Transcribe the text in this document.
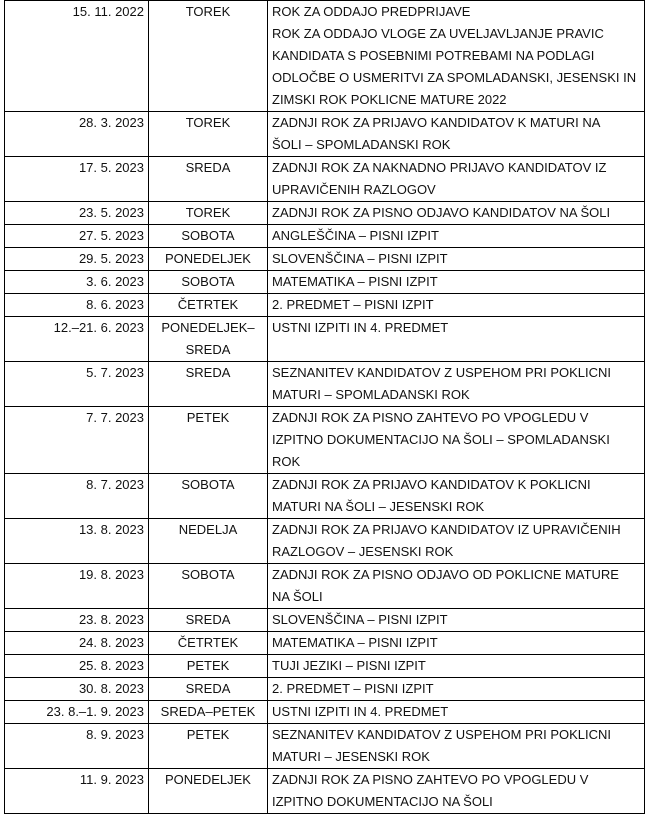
15. 11. 2022	TOREK	ROK ZA ODDAJO PREDPRIJAVE
ROK ZA ODDAJO VLOGE ZA UVELJAVLJANJE PRAVIC
KANDIDATA S POSEBNIMI POTREBAMI NA PODLAGI
ODLOČBE O USMERITVI ZA SPOMLADANSKI, JESENSKI IN
ZIMSKI ROK POKLICNE MATURE 2022

28. 3. 2023	TOREK	ZADNJI ROK ZA PRIJAVO KANDIDATOV K MATURI NA
ŠOLI – SPOMLADANSKI ROK

17. 5. 2023	SREDA	ZADNJI ROK ZA NAKNADNO PRIJAVO KANDIDATOV IZ
UPRAVIČENIH RAZLOGOV

23. 5. 2023	TOREK	ZADNJI ROK ZA PISNO ODJAVO KANDIDATOV NA ŠOLI

27. 5. 2023	SOBOTA	ANGLEŠČINA – PISNI IZPIT

29. 5. 2023	PONEDELJEK	SLOVENŠČINA – PISNI IZPIT

3. 6. 2023	SOBOTA	MATEMATIKA – PISNI IZPIT

8. 6. 2023	ČETRTEK	2. PREDMET – PISNI IZPIT

12.–21. 6. 2023	PONEDELJEK–
SREDA	USTNI IZPITI IN 4. PREDMET

5. 7. 2023	SREDA	SEZNANITEV KANDIDATOV Z USPEHOM PRI POKLICNI
MATURI – SPOMLADANSKI ROK

7. 7. 2023	PETEK	ZADNJI ROK ZA PISNO ZAHTEVO PO VPOGLEDU V
IZPITNO DOKUMENTACIJO NA ŠOLI – SPOMLADANSKI
ROK

8. 7. 2023	SOBOTA	ZADNJI ROK ZA PRIJAVO KANDIDATOV K POKLICNI
MATURI NA ŠOLI – JESENSKI ROK

13. 8. 2023	NEDELJA	ZADNJI ROK ZA PRIJAVO KANDIDATOV IZ UPRAVIČENIH
RAZLOGOV – JESENSKI ROK

19. 8. 2023	SOBOTA	ZADNJI ROK ZA PISNO ODJAVO OD POKLICNE MATURE
NA ŠOLI

23. 8. 2023	SREDA	SLOVENŠČINA – PISNI IZPIT

24. 8. 2023	ČETRTEK	MATEMATIKA – PISNI IZPIT

25. 8. 2023	PETEK	TUJI JEZIKI – PISNI IZPIT

30. 8. 2023	SREDA	2. PREDMET – PISNI IZPIT

23. 8.–1. 9. 2023	SREDA–PETEK	USTNI IZPITI IN 4. PREDMET

8. 9. 2023	PETEK	SEZNANITEV KANDIDATOV Z USPEHOM PRI POKLICNI
MATURI – JESENSKI ROK

11. 9. 2023	PONEDELJEK	ZADNJI ROK ZA PISNO ZAHTEVO PO VPOGLEDU V
IZPITNO DOKUMENTACIJO NA ŠOLI
